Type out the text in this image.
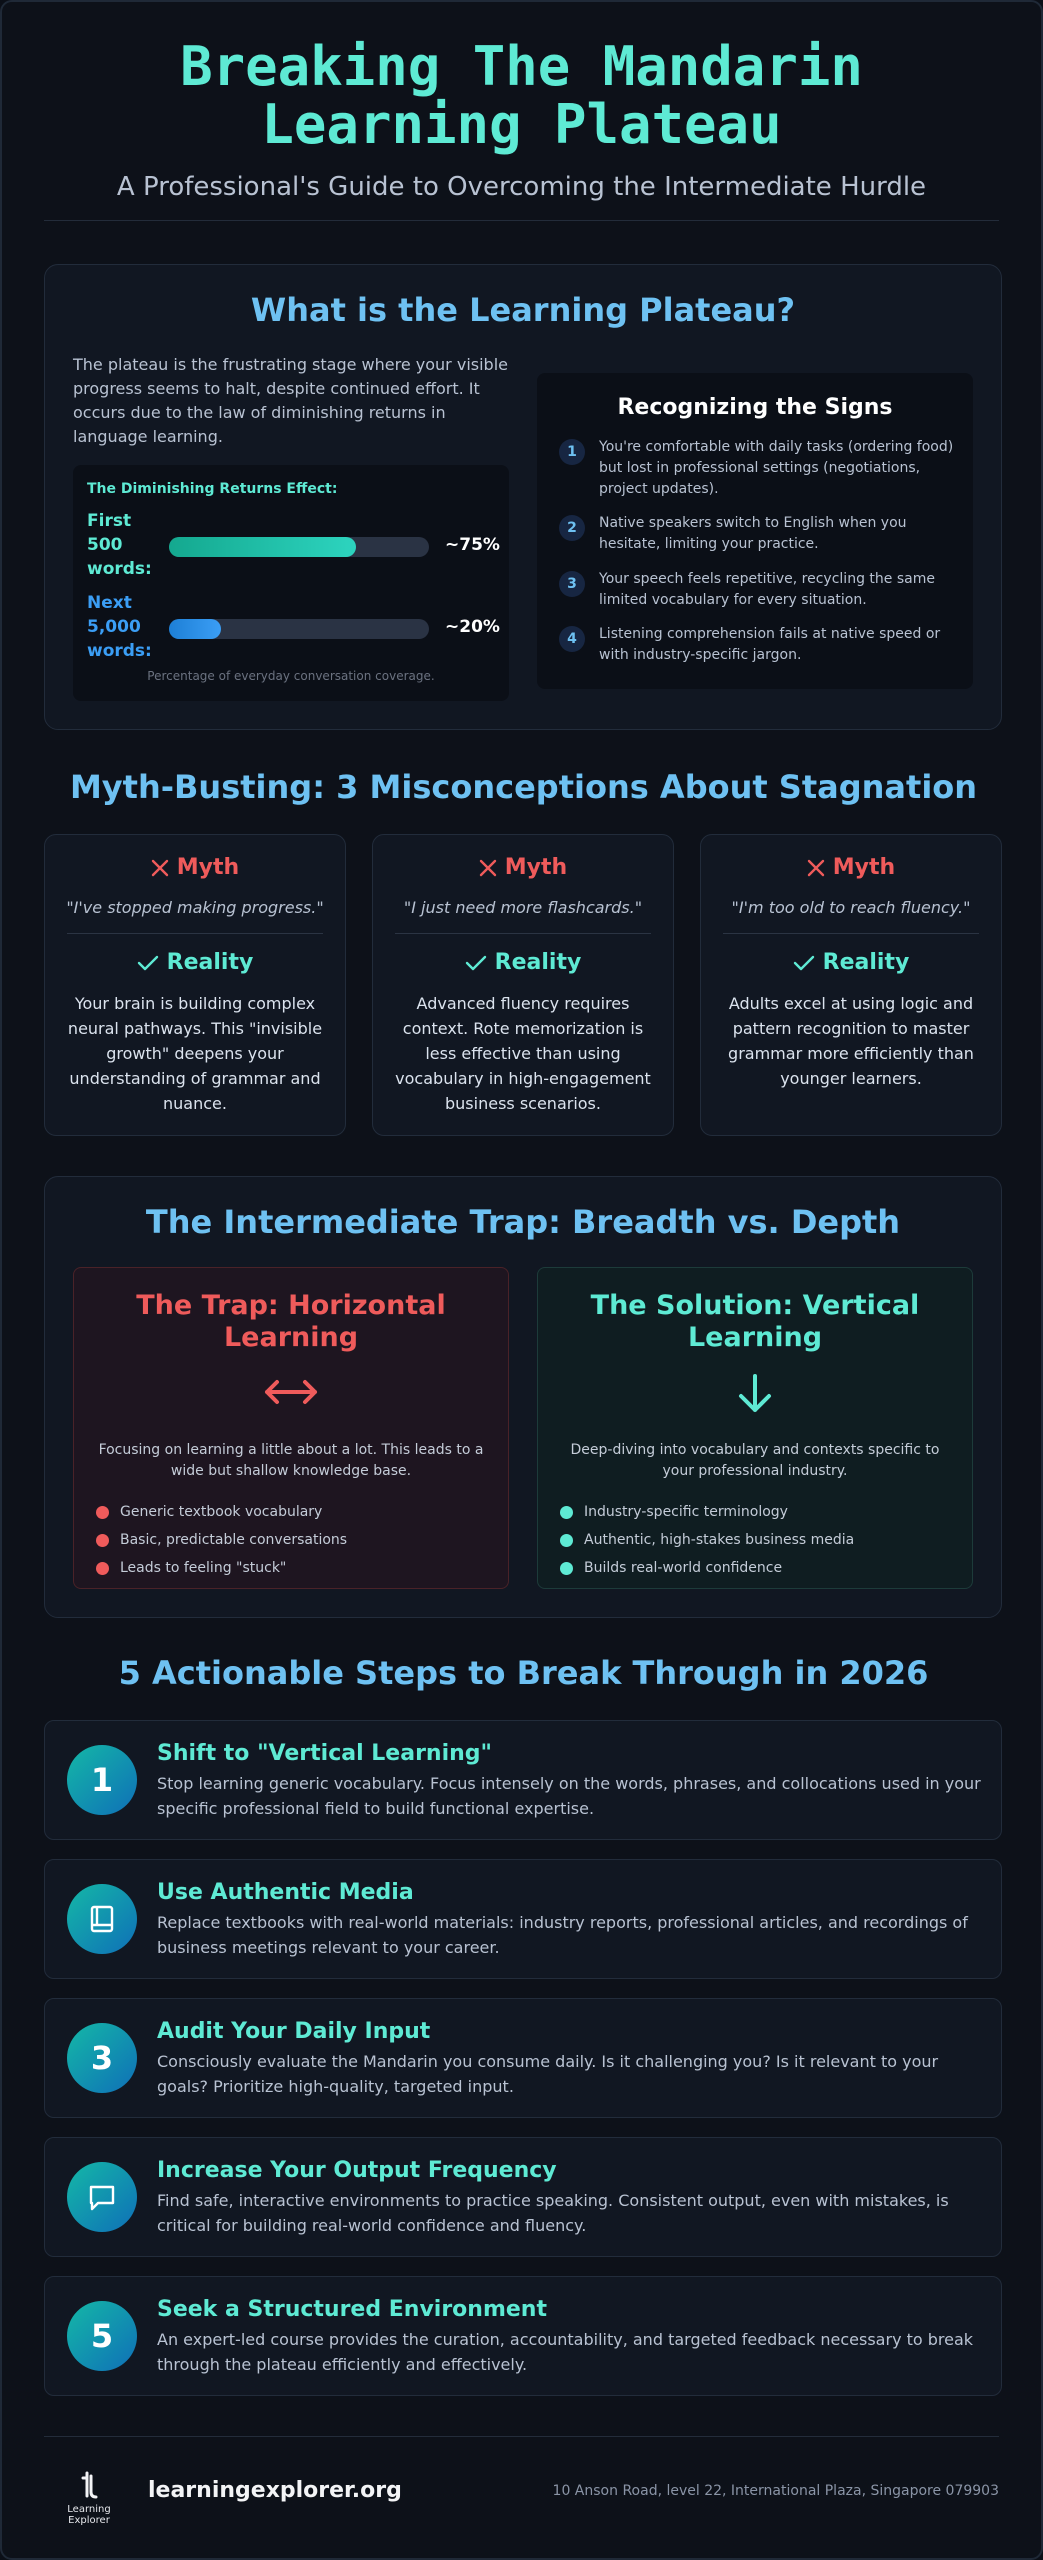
Breaking The Mandarin Learning Plateau
A Professional's Guide to Overcoming the Intermediate Hurdle
What is the Learning Plateau?
The plateau is the frustrating stage where your visible progress seems to halt, despite continued effort. It occurs due to the law of diminishing returns in language learning.
The Diminishing Returns Effect:
First 500 words:
~75%
Next 5,000 words:
~20%
Percentage of everyday conversation coverage.
Recognizing the Signs
1	You're comfortable with daily tasks (ordering food) but lost in professional settings (negotiations, project updates).
2	Native speakers switch to English when you hesitate, limiting your practice.
3	Your speech feels repetitive, recycling the same limited vocabulary for every situation.
4	Listening comprehension fails at native speed or with industry-specific jargon.
Myth-Busting: 3 Misconceptions About Stagnation
Myth
"I've stopped making progress."
Reality
Your brain is building complex neural pathways. This "invisible growth" deepens your understanding of grammar and nuance.
Myth
"I just need more flashcards."
Reality
Advanced fluency requires context. Rote memorization is less effective than using vocabulary in high-engagement business scenarios.
Myth
"I'm too old to reach fluency."
Reality
Adults excel at using logic and pattern recognition to master grammar more efficiently than younger learners.
The Intermediate Trap: Breadth vs. Depth
The Trap: Horizontal Learning
Focusing on learning a little about a lot. This leads to a wide but shallow knowledge base.
Generic textbook vocabulary
Basic, predictable conversations
Leads to feeling "stuck"
The Solution: Vertical Learning
Deep-diving into vocabulary and contexts specific to your professional industry.
Industry-specific terminology
Authentic, high-stakes business media
Builds real-world confidence
5 Actionable Steps to Break Through in 2026
1
Shift to "Vertical Learning"
Stop learning generic vocabulary. Focus intensely on the words, phrases, and collocations used in your specific professional field to build functional expertise.
Use Authentic Media
Replace textbooks with real-world materials: industry reports, professional articles, and recordings of business meetings relevant to your career.
3
Audit Your Daily Input
Consciously evaluate the Mandarin you consume daily. Is it challenging you? Is it relevant to your goals? Prioritize high-quality, targeted input.
Increase Your Output Frequency
Find safe, interactive environments to practice speaking. Consistent output, even with mistakes, is critical for building real-world confidence and fluency.
5
Seek a Structured Environment
An expert-led course provides the curation, accountability, and targeted feedback necessary to break through the plateau efficiently and effectively.
Learning Explorer
learningexplorer.org	10 Anson Road, level 22, International Plaza, Singapore 079903
